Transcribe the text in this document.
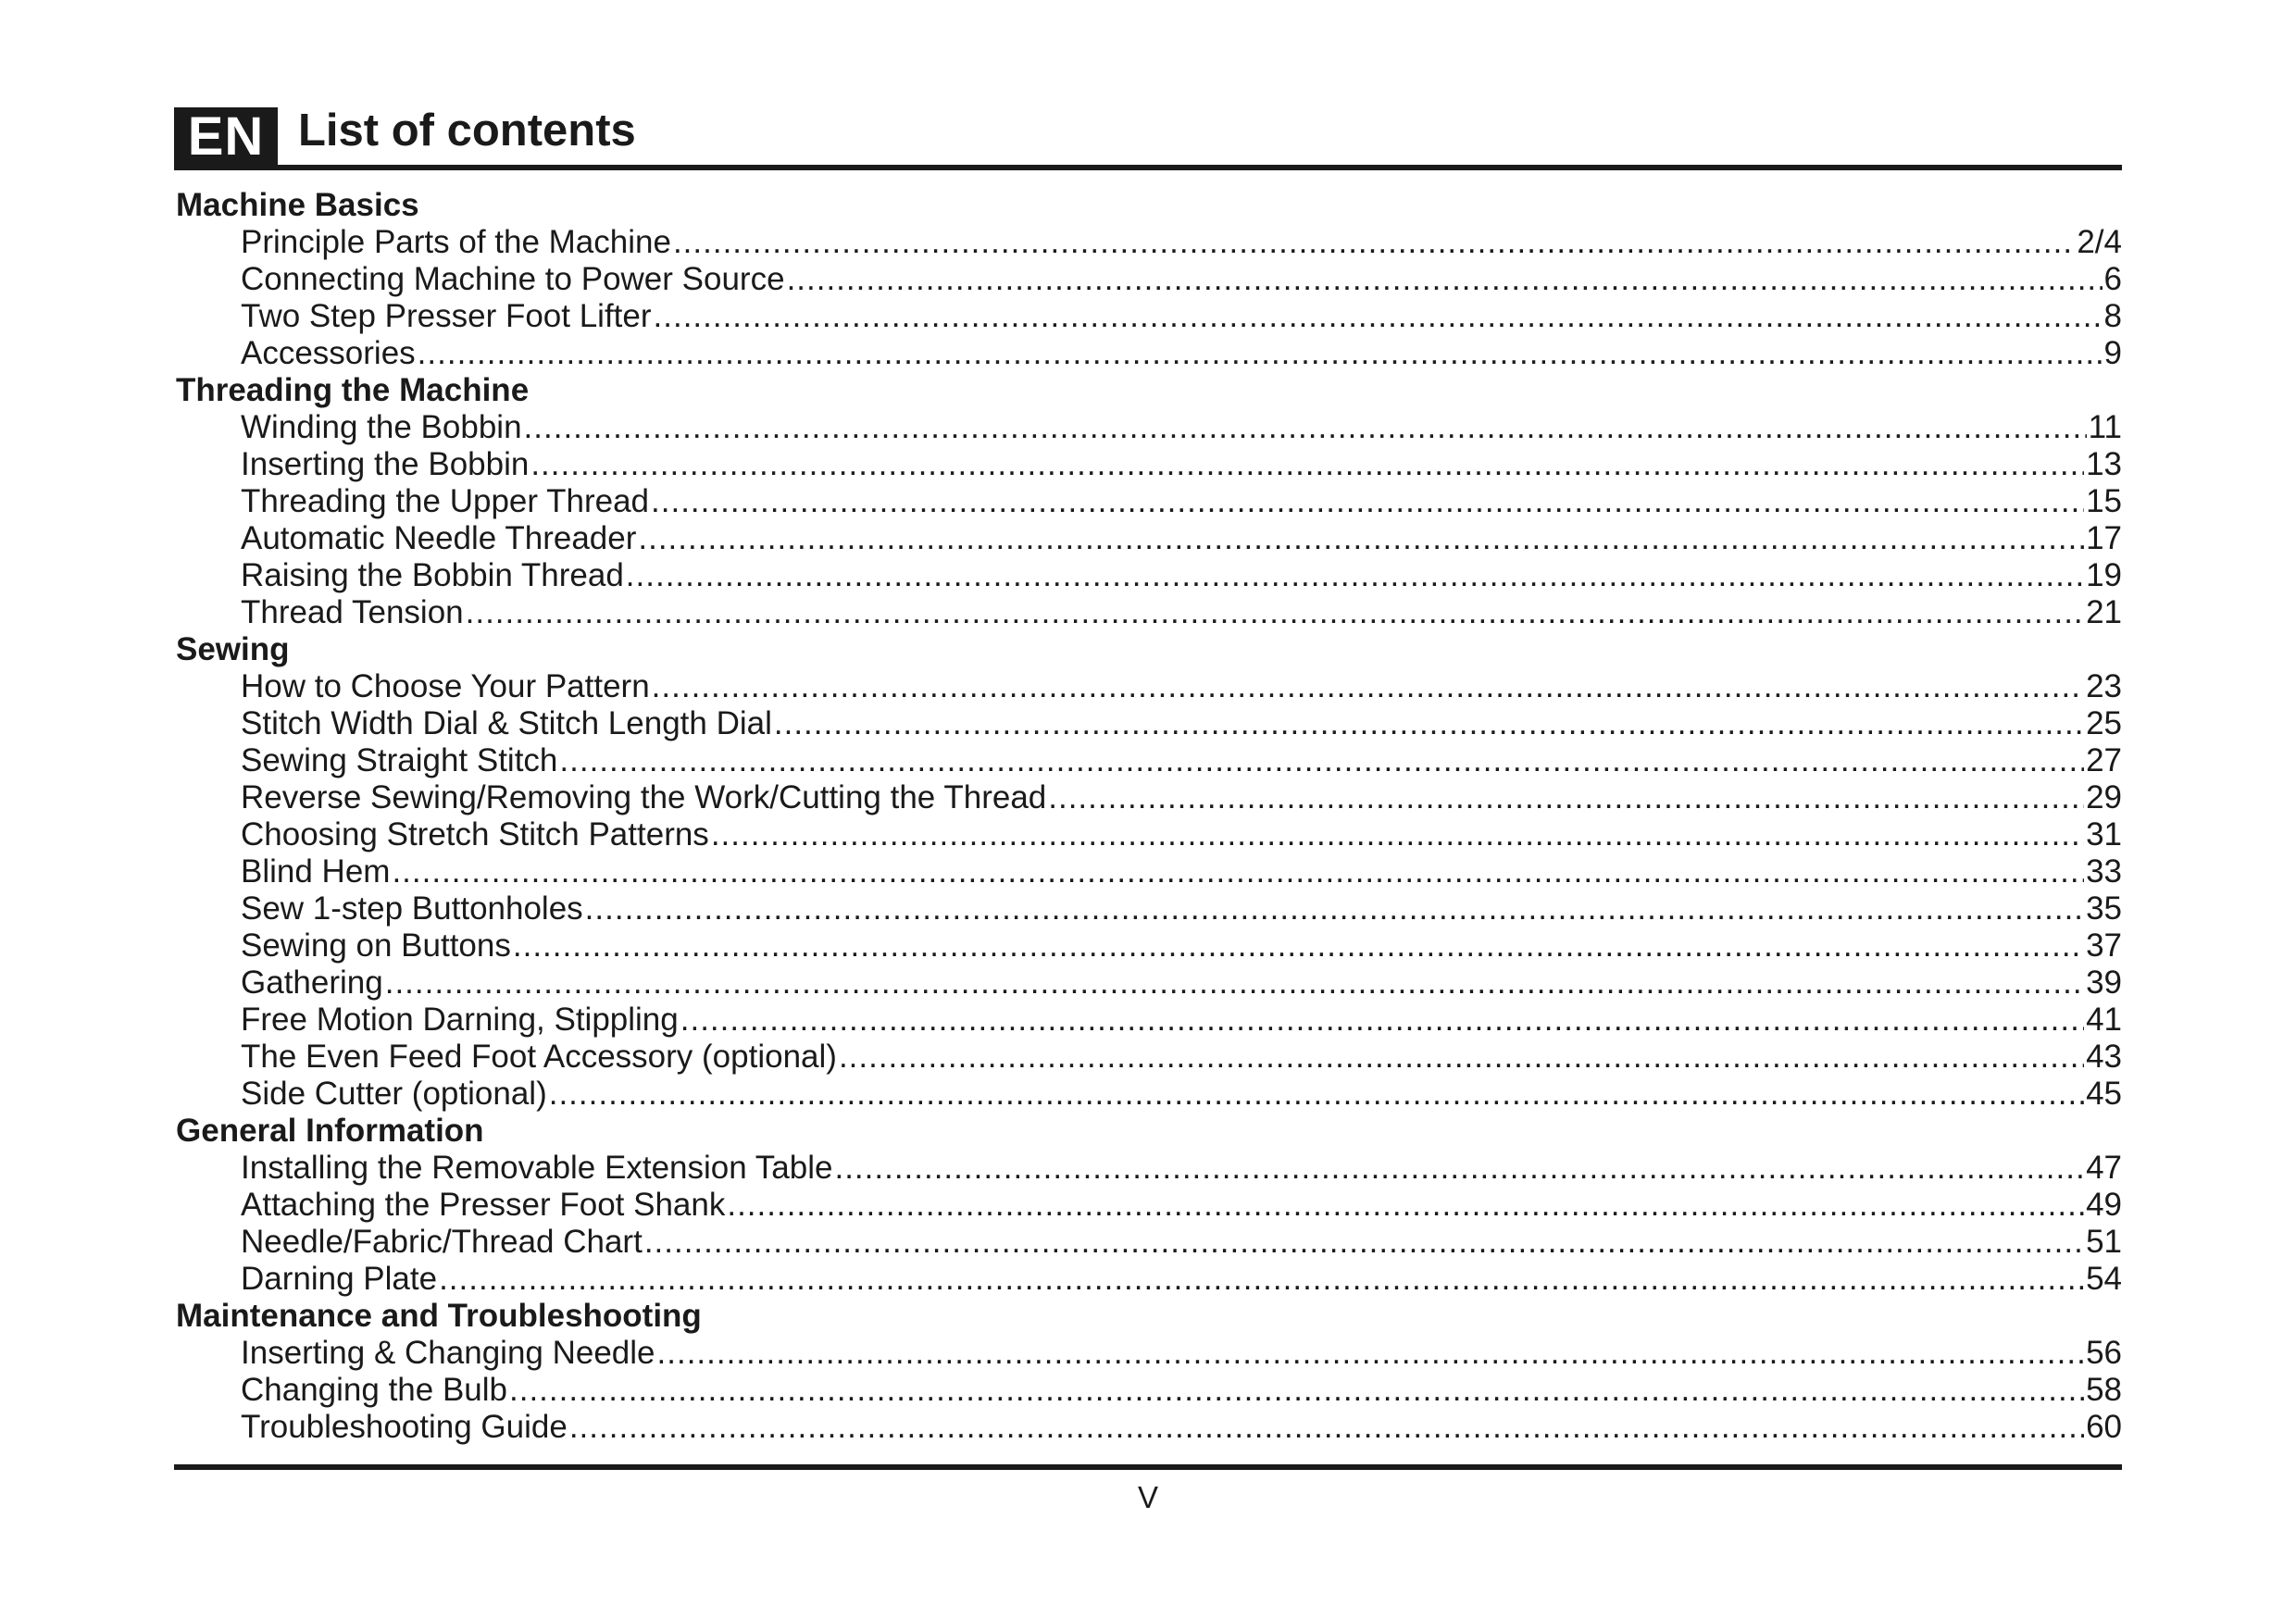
EN List of contents
Machine Basics
Principle Parts of the Machine .....	2/4
Connecting Machine to Power Source .....	6
Two Step Presser Foot Lifter .....	8
Accessories .....	9
Threading the Machine
Winding the Bobbin .....	11
Inserting the Bobbin .....	13
Threading the Upper Thread .....	15
Automatic Needle Threader .....	17
Raising the Bobbin Thread .....	19
Thread Tension .....	21
Sewing
How to Choose Your Pattern .....	23
Stitch Width Dial & Stitch Length Dial .....	25
Sewing Straight Stitch .....	27
Reverse Sewing/Removing the Work/Cutting the Thread .....	29
Choosing Stretch Stitch Patterns .....	31
Blind Hem .....	33
Sew 1-step Buttonholes .....	35
Sewing on Buttons .....	37
Gathering .....	39
Free Motion Darning, Stippling .....	41
The Even Feed Foot Accessory (optional) .....	43
Side Cutter (optional) .....	45
General Information
Installing the Removable Extension Table .....	47
Attaching the Presser Foot Shank .....	49
Needle/Fabric/Thread Chart .....	51
Darning Plate .....	54
Maintenance and Troubleshooting
Inserting & Changing Needle .....	56
Changing the Bulb .....	58
Troubleshooting Guide .....	60
V
